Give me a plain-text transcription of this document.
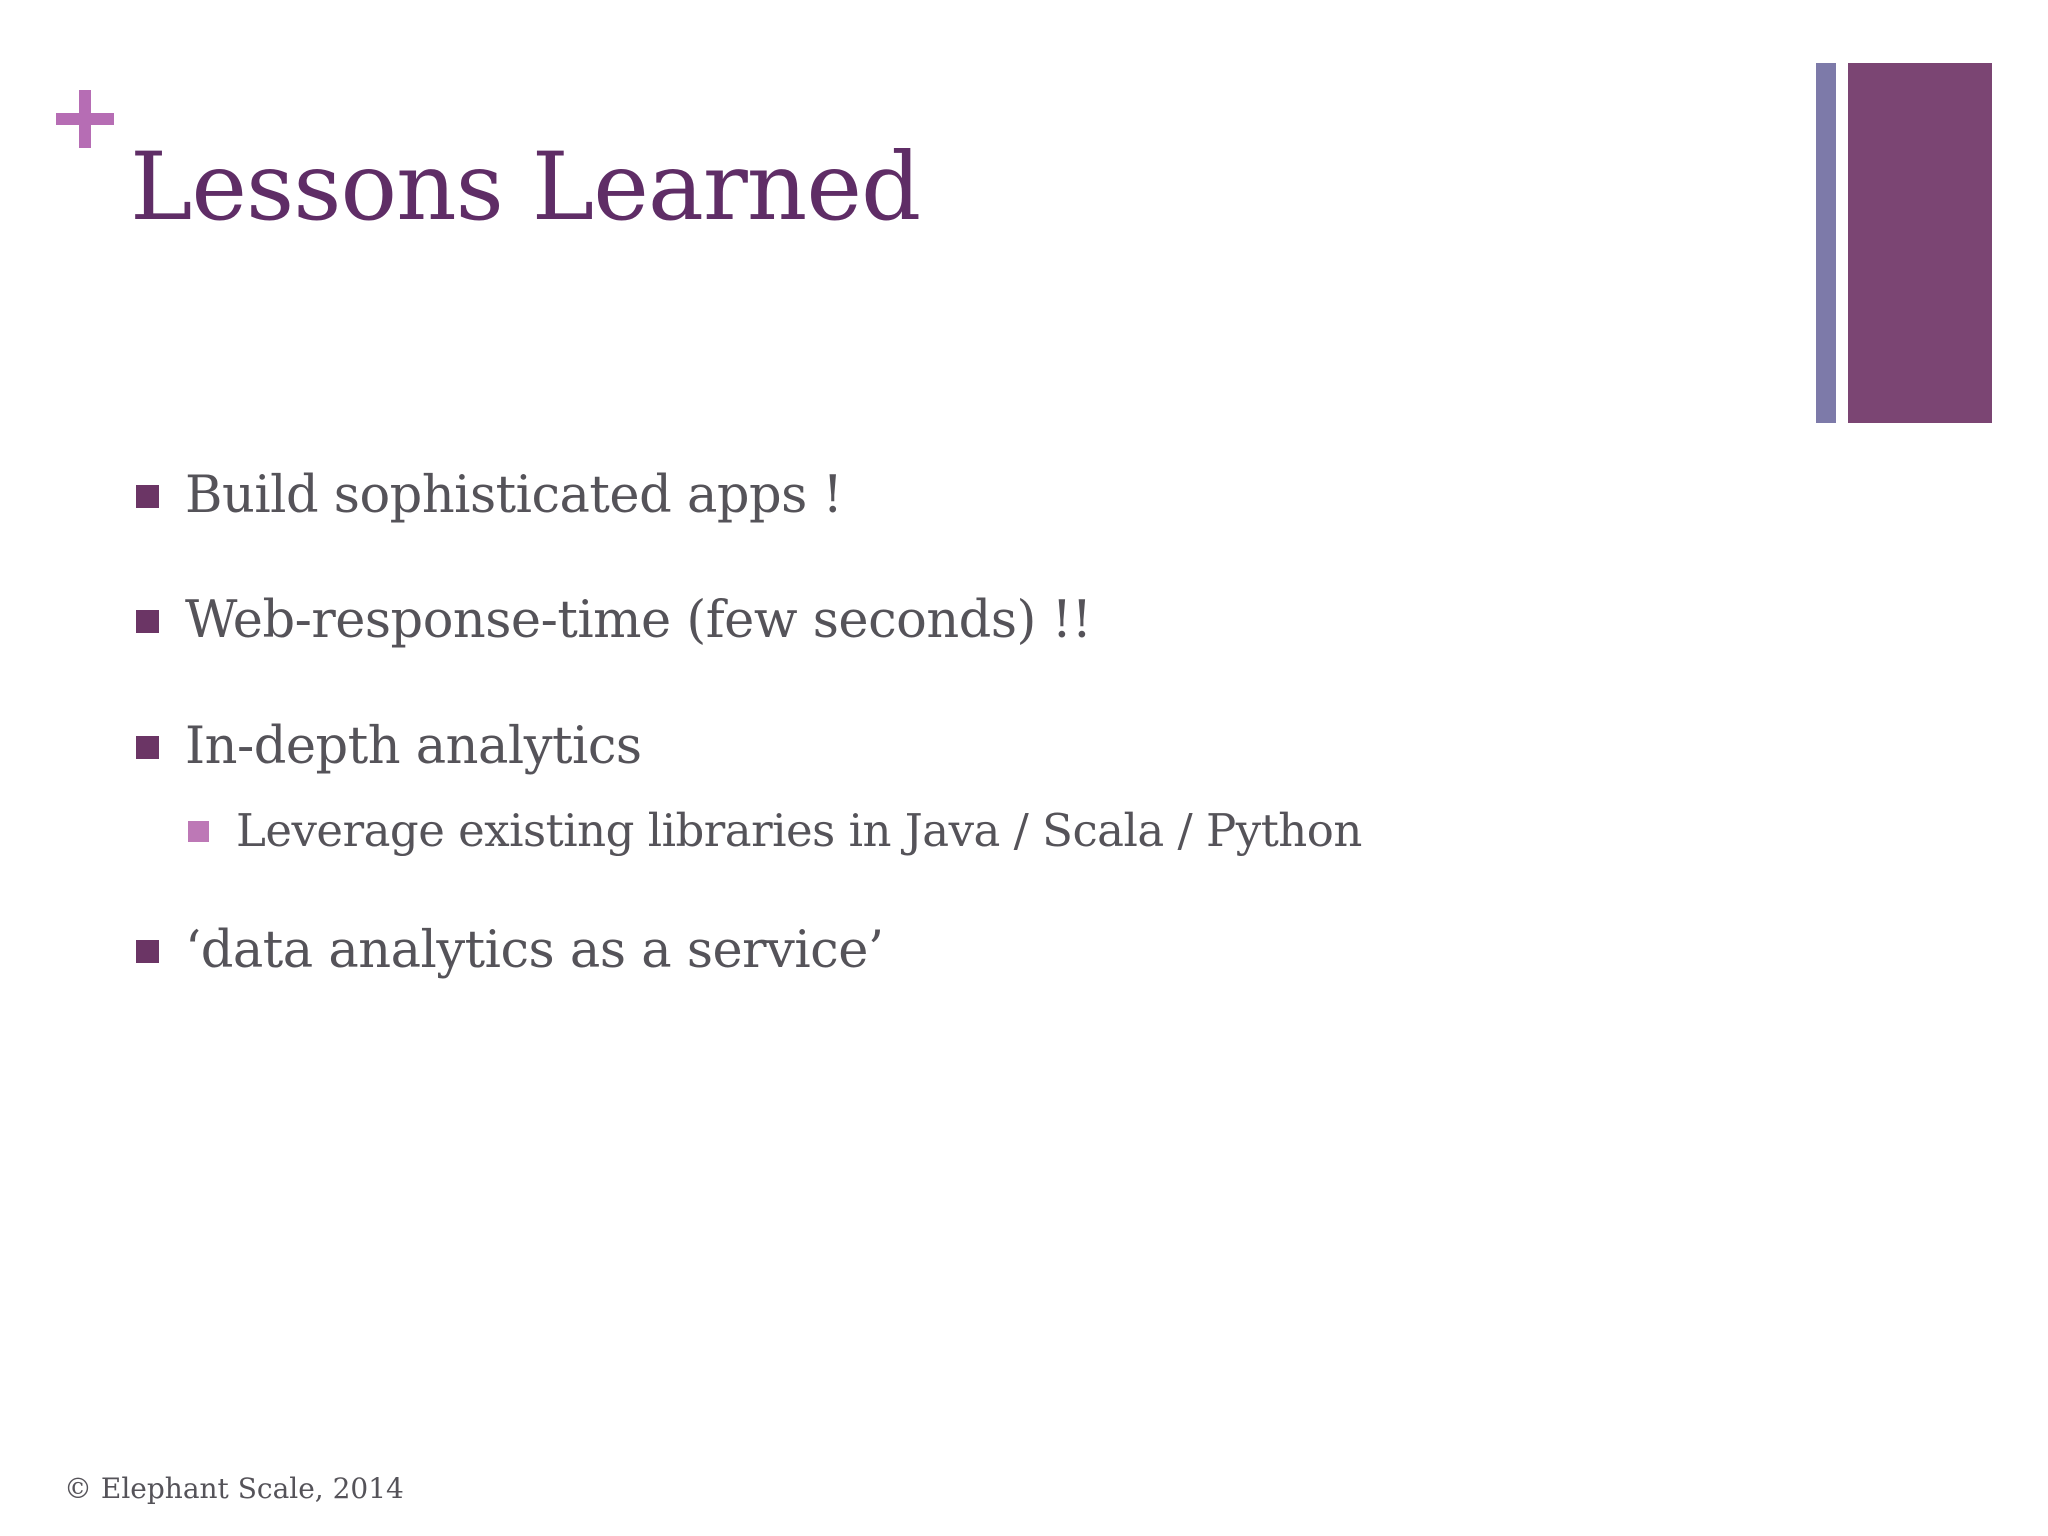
Lessons Learned
Build sophisticated apps !
Web-response-time (few seconds) !!
In-depth analytics
Leverage existing libraries in Java / Scala / Python
‘data analytics as a service’
© Elephant Scale, 2014
